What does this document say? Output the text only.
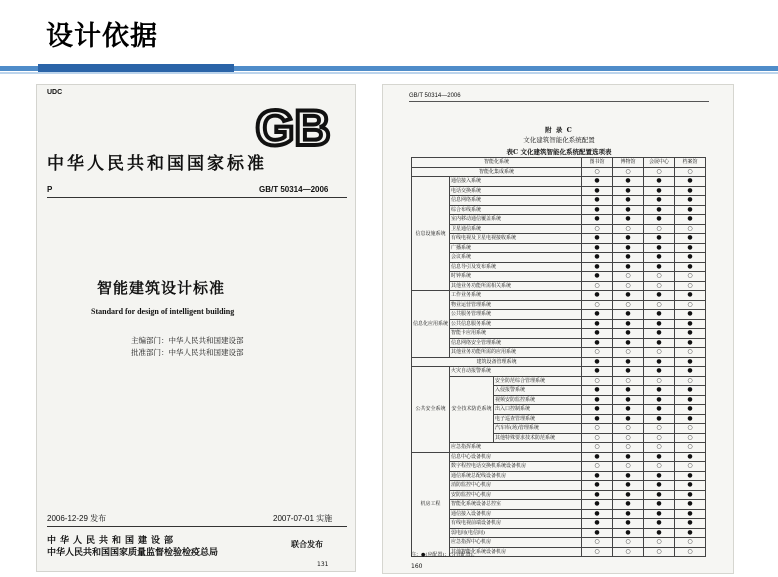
设计依据
UDC
GB
中华人民共和国国家标准
P	GB/T 50314—2006
智能建筑设计标准
Standard for design of intelligent building
主编部门：中华人民共和国建设部
批准部门：中华人民共和国建设部
2006-12-29 发布	2007-07-01 实施
中华人民共和国建设部
中华人民共和国国家质量监督检验检疫总局
联合发布
131
GB/T 50314—2006
附 录 C
文化建筑智能化系统配置
表C 文化建筑智能化系统配置选项表
智能化系统			图书馆	博物馆	会展中心	档案馆
智能化集成系统			○	○	○	○
信息设施系统	通信接入系统		●	●	●	●
	电话交换系统		●	●	●	●
	信息网络系统		●	●	●	●
	综合布线系统		●	●	●	●
	室内移动通信覆盖系统		●	●	●	●
	卫星通信系统		○	○	○	○
	有线电视及卫星电视接收系统		●	●	●	●
	广播系统		●	●	●	●
	会议系统		●	●	●	●
	信息导引及发布系统		●	●	●	●
	时钟系统		●	○	○	○
	其他业务功能所需相关系统		○	○	○	○
信息化应用系统	工作业务系统		●	●	●	●
	物业运营管理系统		○	○	○	○
	公共服务管理系统		●	●	●	●
	公共信息服务系统		●	●	●	●
	智能卡应用系统		●	●	●	●
	信息网络安全管理系统		●	●	●	●
	其他业务功能所需的应用系统		○	○	○	○
建筑设备管理系统			●	●	●	●
公共安全系统	火灾自动报警系统		●	●	●	●
	安全技术防范系统	安全防范综合管理系统	○	○	○	○
		入侵报警系统	●	●	●	●
		视频安防监控系统	●	●	●	●
		出入口控制系统	●	●	●	●
		电子巡查管理系统	●	●	●	●
		汽车库(场)管理系统	○	○	○	○
		其他特殊要求技术防范系统	○	○	○	○
	应急指挥系统		○	○	○	○
机房工程	信息中心设备机房		●	●	●	●
	数字程控电话交换机系统设备机房		○	○	○	○
	通信系统总配线设备机房		●	●	●	●
	消防监控中心机房		●	●	●	●
	安防监控中心机房		●	●	●	●
	智能化系统设备总控室		●	●	●	●
	通信接入设备机房		●	●	●	●
	有线电视前端设备机房		●	●	●	●
	弱电间(电信间)		●	●	●	●
	应急指挥中心机房		○	○	○	○
	其他智能化系统设备机房		○	○	○	○
注：●(应配置)；○(宜配置)。
160
